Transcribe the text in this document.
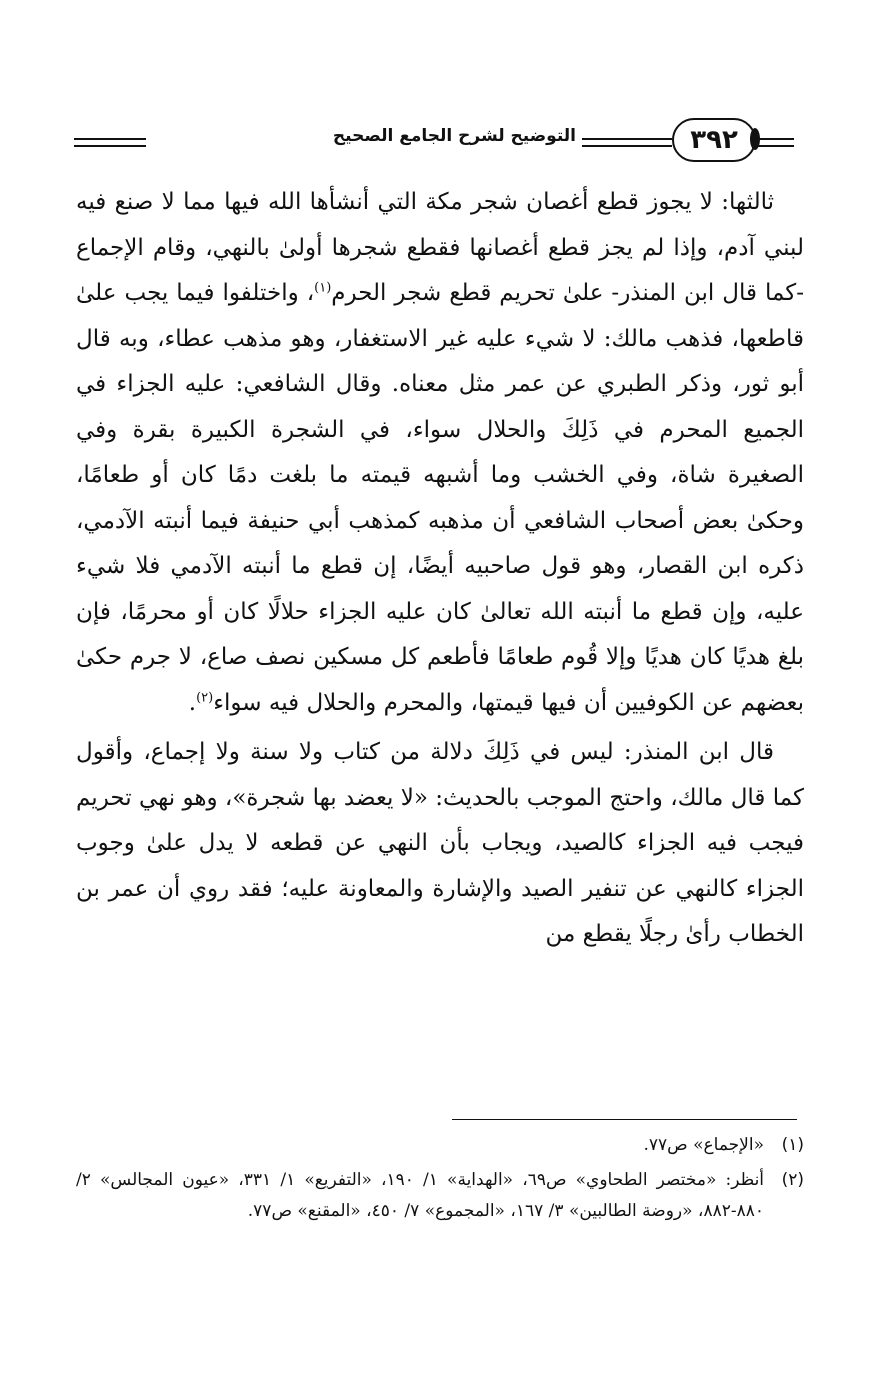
٣٩٢
التوضيح لشرح الجامع الصحيح

ثالثها: لا يجوز قطع أغصان شجر مكة التي أنشأها الله فيها مما لا صنع فيه لبني آدم، وإذا لم يجز قطع أغصانها فقطع شجرها أولىٰ بالنهي، وقام الإجماع -كما قال ابن المنذر- علىٰ تحريم قطع شجر الحرم$^{(١)}$، واختلفوا فيما يجب علىٰ قاطعها، فذهب مالك: لا شيء عليه غير الاستغفار، وهو مذهب عطاء، وبه قال أبو ثور، وذكر الطبري عن عمر مثل معناه. وقال الشافعي: عليه الجزاء في الجميع المحرم في ذَلِكَ والحلال سواء، في الشجرة الكبيرة بقرة وفي الصغيرة شاة، وفي الخشب وما أشبهه قيمته ما بلغت دمًا كان أو طعامًا، وحكىٰ بعض أصحاب الشافعي أن مذهبه كمذهب أبي حنيفة فيما أنبته الآدمي، ذكره ابن القصار، وهو قول صاحبيه أيضًا، إن قطع ما أنبته الآدمي فلا شيء عليه، وإن قطع ما أنبته الله تعالىٰ كان عليه الجزاء حلالًا كان أو محرمًا، فإن بلغ هديًا كان هديًا وإلا قُوم طعامًا فأطعم كل مسكين نصف صاع، لا جرم حكىٰ بعضهم عن الكوفيين أن فيها قيمتها، والمحرم والحلال فيه سواء$^{(٢)}$.

قال ابن المنذر: ليس في ذَلِكَ دلالة من كتاب ولا سنة ولا إجماع، وأقول كما قال مالك، واحتج الموجب بالحديث: «لا يعضد بها شجرة»، وهو نهي تحريم فيجب فيه الجزاء كالصيد، ويجاب بأن النهي عن قطعه لا يدل علىٰ وجوب الجزاء كالنهي عن تنفير الصيد والإشارة والمعاونة عليه؛ فقد روي أن عمر بن الخطاب رأىٰ رجلًا يقطع من

(١)
«الإجماع» ص٧٧.
(٢)
أنظر: «مختصر الطحاوي» ص٦٩، «الهداية» ١/ ١٩٠، «التفريع» ١/ ٣٣١، «عيون المجالس» ٢/ ٨٨٠-٨٨٢، «روضة الطالبين» ٣/ ١٦٧، «المجموع» ٧/ ٤٥٠، «المقنع» ص٧٧.
